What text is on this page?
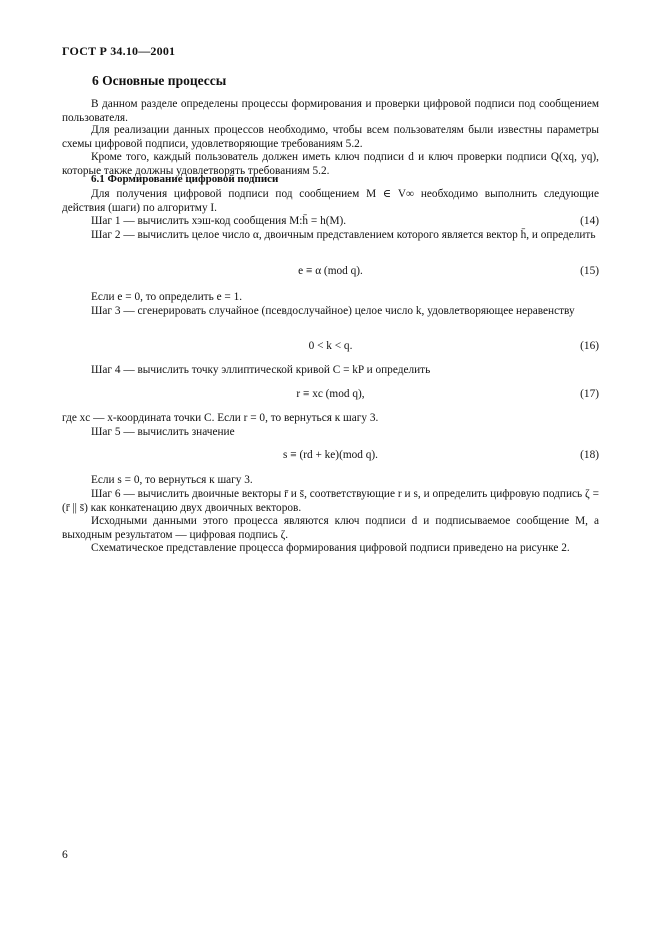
ГОСТ Р 34.10—2001
6 Основные процессы
В данном разделе определены процессы формирования и проверки цифровой подписи под сообщением пользователя.
Для реализации данных процессов необходимо, чтобы всем пользователям были известны параметры схемы цифровой подписи, удовлетворяющие требованиям 5.2.
Кроме того, каждый пользователь должен иметь ключ подписи d и ключ проверки подписи Q(xq, yq), которые также должны удовлетворять требованиям 5.2.
6.1 Формирование цифровой подписи
Для получения цифровой подписи под сообщением M ∈ V∞ необходимо выполнить следующие действия (шаги) по алгоритму I.
Шаг 1 — вычислить хэш-код сообщения M:h̄ = h(M).	(14)
Шаг 2 — вычислить целое число α, двоичным представлением которого является вектор h̄, и определить
e ≡ α (mod q).	(15)
Если e = 0, то определить e = 1.
Шаг 3 — сгенерировать случайное (псевдослучайное) целое число k, удовлетворяющее неравенству
0 < k < q.	(16)
Шаг 4 — вычислить точку эллиптической кривой C = kP и определить
r ≡ xc (mod q),	(17)
где xc — x-координата точки C. Если r = 0, то вернуться к шагу 3.
Шаг 5 — вычислить значение
s ≡ (rd + ke)(mod q).	(18)
Если s = 0, то вернуться к шагу 3.
Шаг 6 — вычислить двоичные векторы r̄ и s̄, соответствующие r и s, и определить цифровую подпись ζ = (r̄ || s̄) как конкатенацию двух двоичных векторов.
Исходными данными этого процесса являются ключ подписи d и подписываемое сообщение M, а выходным результатом — цифровая подпись ζ.
Схематическое представление процесса формирования цифровой подписи приведено на рисунке 2.
6
